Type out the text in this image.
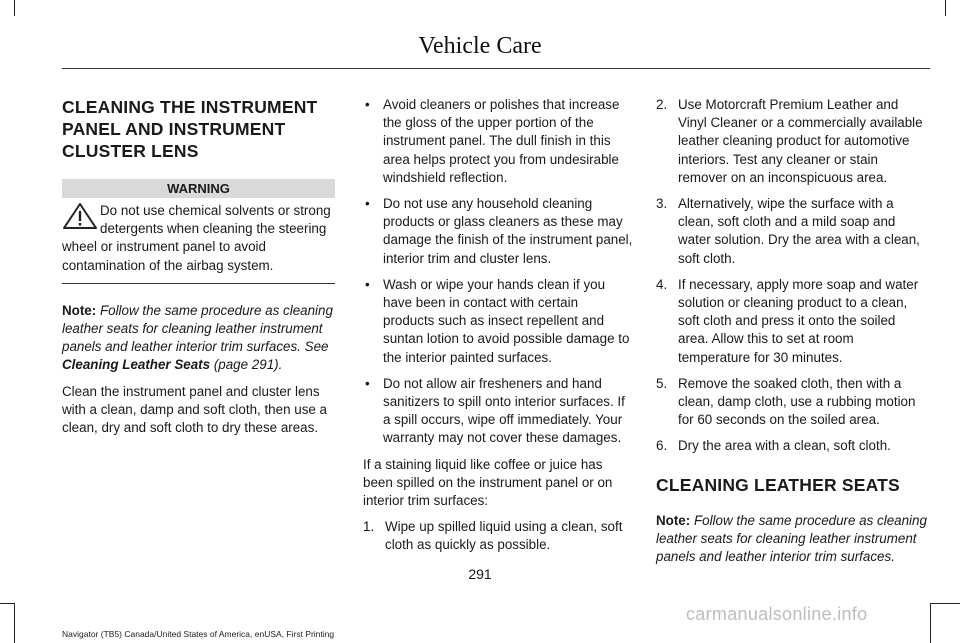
Vehicle Care
CLEANING THE INSTRUMENT
PANEL AND INSTRUMENT
CLUSTER LENS
WARNING
Do not use chemical solvents or strong detergents when cleaning the steering wheel or instrument panel to avoid contamination of the airbag system.

Note: Follow the same procedure as cleaning leather seats for cleaning leather instrument panels and leather interior trim surfaces. See Cleaning Leather Seats (page 291).

Clean the instrument panel and cluster lens with a clean, damp and soft cloth, then use a clean, dry and soft cloth to dry these areas.

• Avoid cleaners or polishes that increase the gloss of the upper portion of the instrument panel. The dull finish in this area helps protect you from undesirable windshield reflection.
• Do not use any household cleaning products or glass cleaners as these may damage the finish of the instrument panel, interior trim and cluster lens.
• Wash or wipe your hands clean if you have been in contact with certain products such as insect repellent and suntan lotion to avoid possible damage to the interior painted surfaces.
• Do not allow air fresheners and hand sanitizers to spill onto interior surfaces. If a spill occurs, wipe off immediately. Your warranty may not cover these damages.

If a staining liquid like coffee or juice has been spilled on the instrument panel or on interior trim surfaces:

1. Wipe up spilled liquid using a clean, soft cloth as quickly as possible.
2. Use Motorcraft Premium Leather and Vinyl Cleaner or a commercially available leather cleaning product for automotive interiors. Test any cleaner or stain remover on an inconspicuous area.
3. Alternatively, wipe the surface with a clean, soft cloth and a mild soap and water solution. Dry the area with a clean, soft cloth.
4. If necessary, apply more soap and water solution or cleaning product to a clean, soft cloth and press it onto the soiled area. Allow this to set at room temperature for 30 minutes.
5. Remove the soaked cloth, then with a clean, damp cloth, use a rubbing motion for 60 seconds on the soiled area.
6. Dry the area with a clean, soft cloth.
CLEANING LEATHER SEATS

Note: Follow the same procedure as cleaning leather seats for cleaning leather instrument panels and leather interior trim surfaces.

291
Navigator (TB5) Canada/United States of America, enUSA, First Printing
carmanualsonline.info
